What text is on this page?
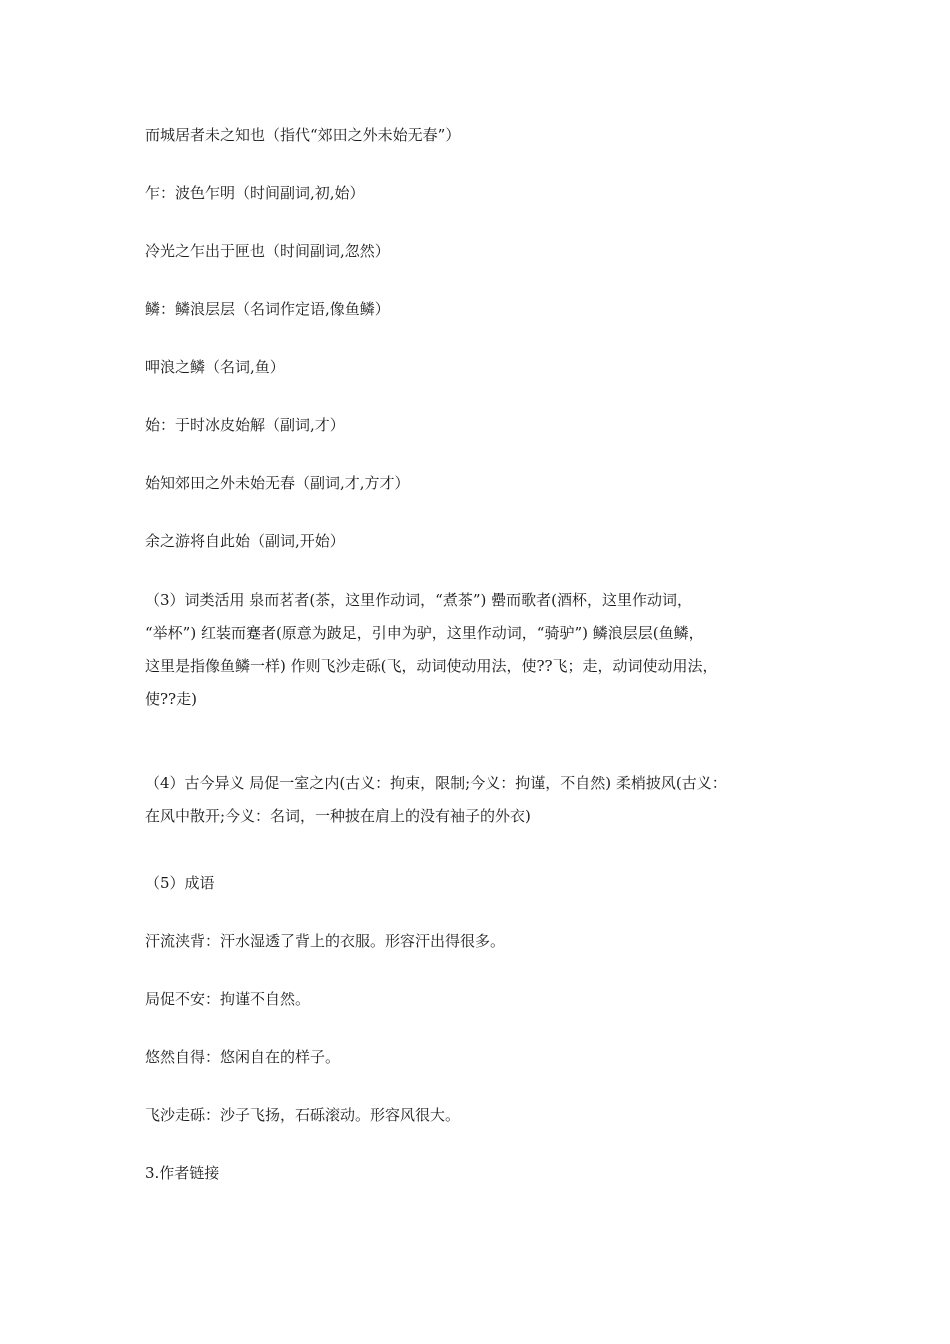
而城居者未之知也（指代“郊田之外未始无春”）
乍：波色乍明（时间副词,初,始）
冷光之乍出于匣也（时间副词,忽然）
鳞：鳞浪层层（名词作定语,像鱼鳞）
呷浪之鳞（名词,鱼）
始：于时冰皮始解（副词,才）
始知郊田之外未始无春（副词,才,方才）
余之游将自此始（副词,开始）
（3）词类活用 泉而茗者(茶，这里作动词，“煮茶”) 罍而歌者(酒杯，这里作动词，
“举杯”) 红装而蹇者(原意为跛足，引申为驴，这里作动词，“骑驴”) 鳞浪层层(鱼鳞，
这里是指像鱼鳞一样) 作则飞沙走砾(飞，动词使动用法，使??飞；走，动词使动用法，
使??走)
（4）古今异义 局促一室之内(古义：拘束，限制;今义：拘谨，不自然) 柔梢披风(古义：
在风中散开;今义：名词，一种披在肩上的没有袖子的外衣)
（5）成语
汗流浃背：汗水湿透了背上的衣服。形容汗出得很多。
局促不安：拘谨不自然。
悠然自得：悠闲自在的样子。
飞沙走砾：沙子飞扬，石砾滚动。形容风很大。
3.作者链接
